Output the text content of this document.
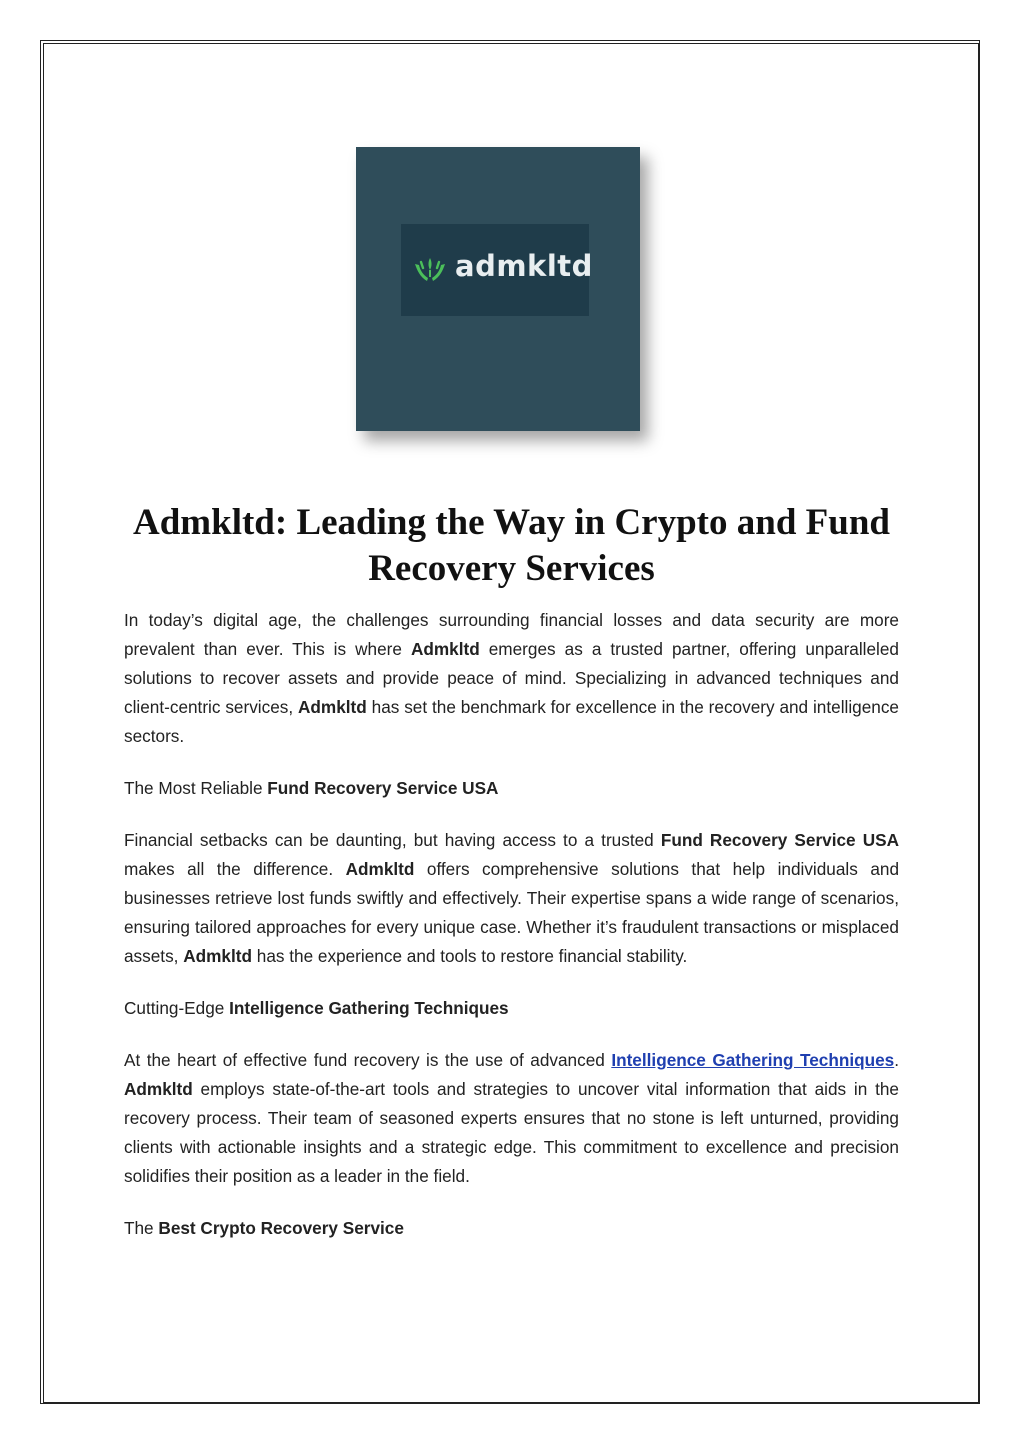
admkltd
Admkltd: Leading the Way in Crypto and Fund Recovery Services

In today’s digital age, the challenges surrounding financial losses and data security are more prevalent than ever. This is where Admkltd emerges as a trusted partner, offering unparalleled solutions to recover assets and provide peace of mind. Specializing in advanced techniques and client-centric services, Admkltd has set the benchmark for excellence in the recovery and intelligence sectors.

The Most Reliable Fund Recovery Service USA

Financial setbacks can be daunting, but having access to a trusted Fund Recovery Service USA makes all the difference. Admkltd offers comprehensive solutions that help individuals and businesses retrieve lost funds swiftly and effectively. Their expertise spans a wide range of scenarios, ensuring tailored approaches for every unique case. Whether it’s fraudulent transactions or misplaced assets, Admkltd has the experience and tools to restore financial stability.

Cutting-Edge Intelligence Gathering Techniques

At the heart of effective fund recovery is the use of advanced Intelligence Gathering Techniques. Admkltd employs state-of-the-art tools and strategies to uncover vital information that aids in the recovery process. Their team of seasoned experts ensures that no stone is left unturned, providing clients with actionable insights and a strategic edge. This commitment to excellence and precision solidifies their position as a leader in the field.

The Best Crypto Recovery Service
